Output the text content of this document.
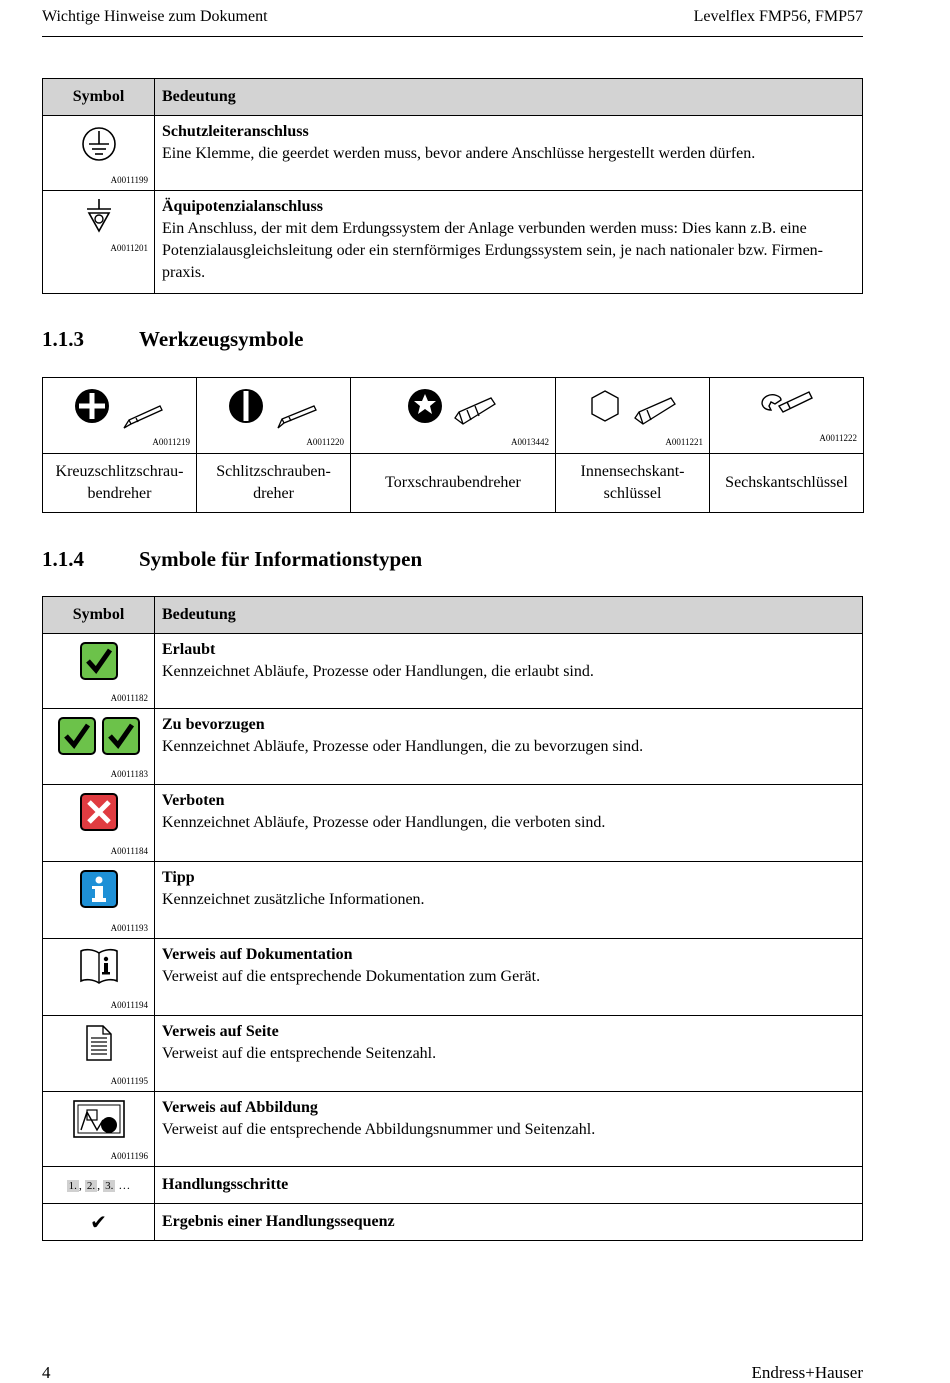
Wichtige Hinweise zum Dokument	Levelflex FMP56, FMP57
Symbol	Bedeutung

A0011199	Schutzleiteranschluss
Eine Klemme, die geerdet werden muss, bevor andere Anschlüsse hergestellt werden dürfen.

A0011201	Äquipotenzialanschluss
Ein Anschluss, der mit dem Erdungssystem der Anlage verbunden werden muss: Dies kann z.B. eine Potenzialausgleichsleitung oder ein sternförmiges Erdungssystem sein, je nach nationaler bzw. Firmen-praxis.
1.1.3	Werkzeugsymbole
A0011219	A0011220	A0013442	A0011221	A0011222

Kreuzschlitzschrau-bendreher	Schlitzschrauben-dreher	Torxschraubendreher	Innensechskant-schlüssel	Sechskantschlüssel
1.1.4	Symbole für Informationstypen
Symbol	Bedeutung

A0011182	Erlaubt
Kennzeichnet Abläufe, Prozesse oder Handlungen, die erlaubt sind.

A0011183	Zu bevorzugen
Kennzeichnet Abläufe, Prozesse oder Handlungen, die zu bevorzugen sind.

A0011184	Verboten
Kennzeichnet Abläufe, Prozesse oder Handlungen, die verboten sind.

A0011193	Tipp
Kennzeichnet zusätzliche Informationen.

A0011194	Verweis auf Dokumentation
Verweist auf die entsprechende Dokumentation zum Gerät.

A0011195	Verweis auf Seite
Verweist auf die entsprechende Seitenzahl.

A0011196	Verweis auf Abbildung
Verweist auf die entsprechende Abbildungsnummer und Seitenzahl.
1. , 2. , 3. …	Handlungsschritte

✔	Ergebnis einer Handlungssequenz
4	Endress+Hauser
